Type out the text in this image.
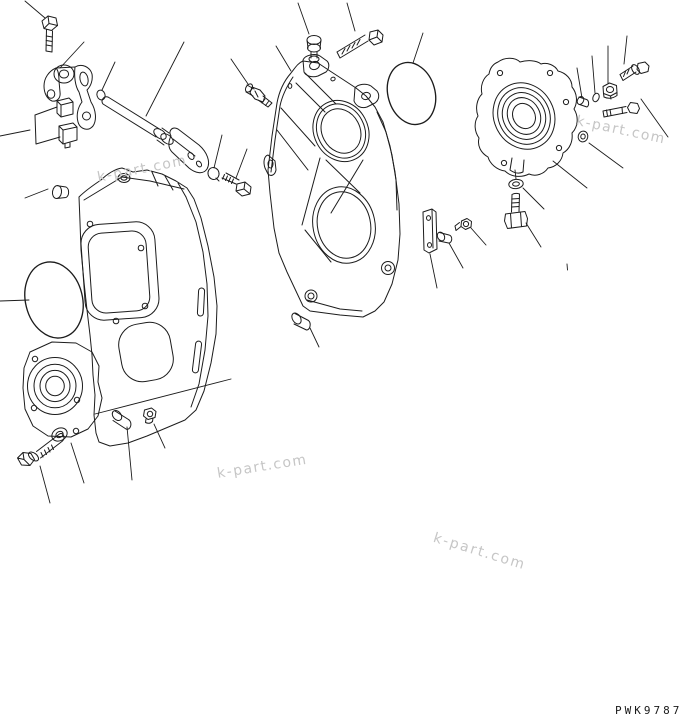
k-part.com
k-part.com
k-part.com
k-part.com
PWK9787
